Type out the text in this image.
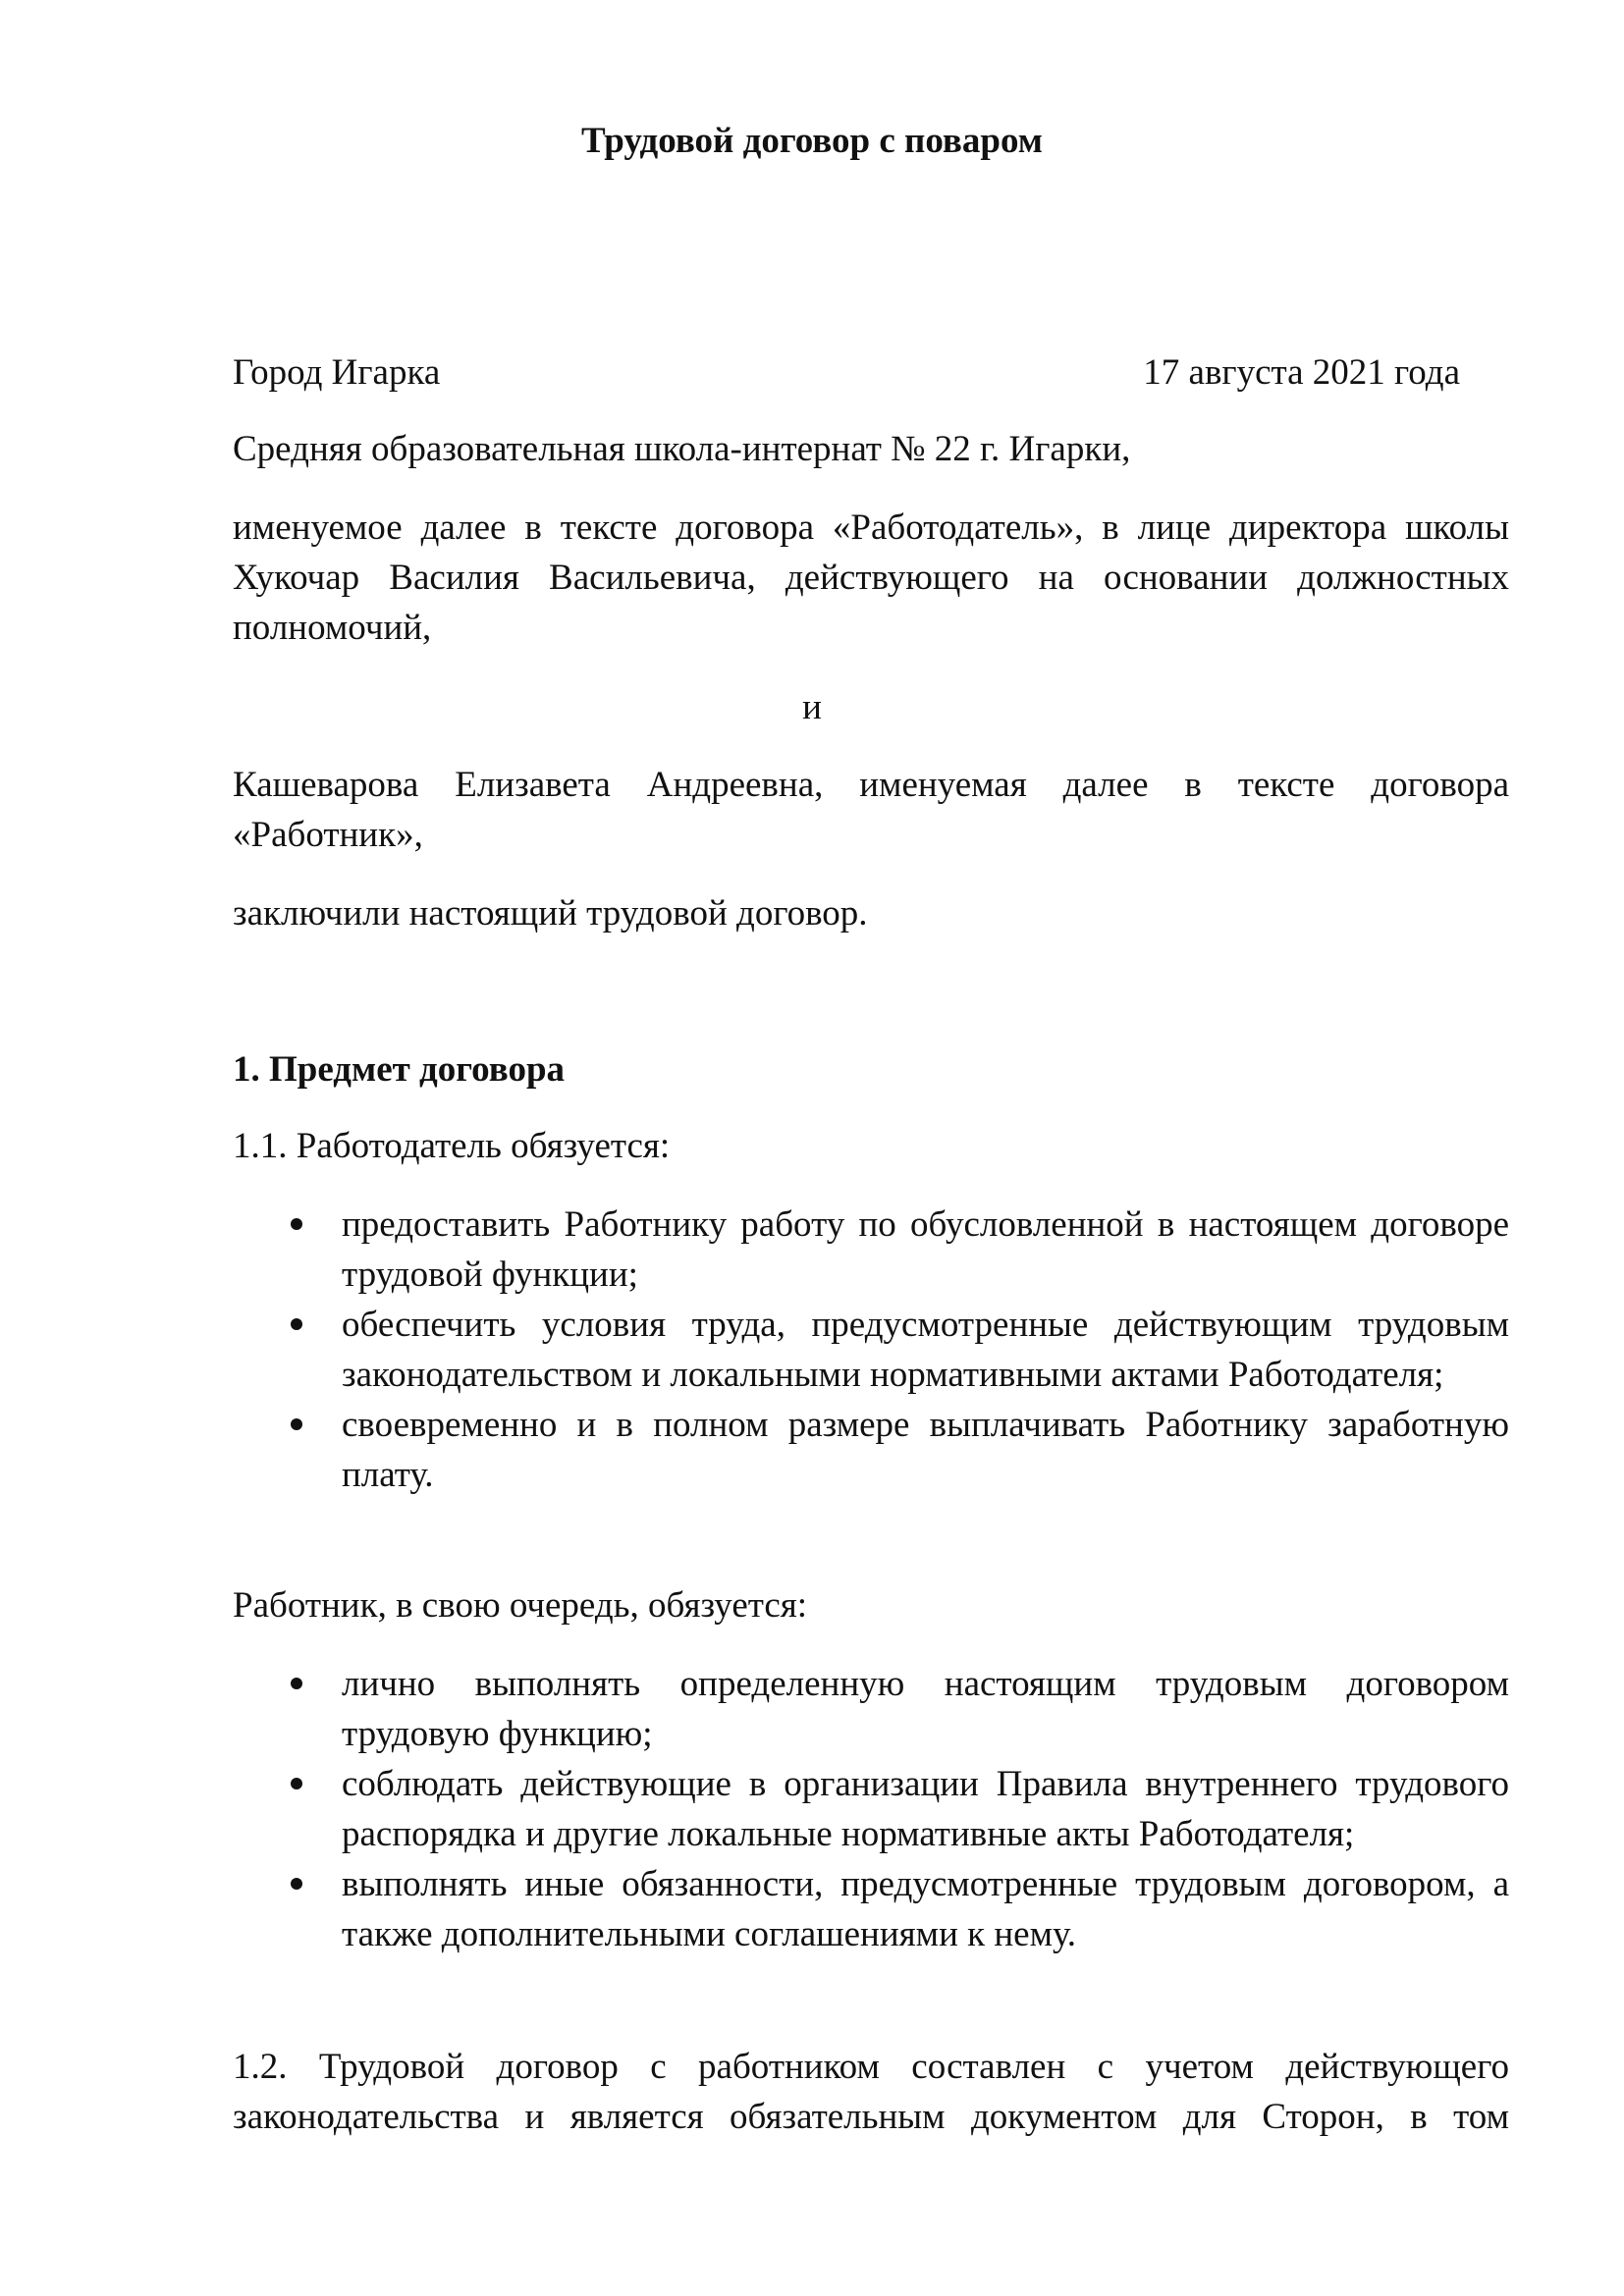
Трудовой договор с поваром
Город Игарка	17 августа 2021 года

Средняя образовательная школа-интернат № 22 г. Игарки,

именуемое далее в тексте договора «Работодатель», в лице директора школы Хукочар Василия Васильевича, действующего на основании должностных полномочий,

и

Кашеварова Елизавета Андреевна, именуемая далее в тексте договора «Работник»,

заключили настоящий трудовой договор.

1. Предмет договора

1.1. Работодатель обязуется:

предоставить Работнику работу по обусловленной в настоящем договоре трудовой функции;
обеспечить условия труда, предусмотренные действующим трудовым законодательством и локальными нормативными актами Работодателя;
своевременно и в полном размере выплачивать Работнику заработную плату.

Работник, в свою очередь, обязуется:

лично выполнять определенную настоящим трудовым договором трудовую функцию;
соблюдать действующие в организации Правила внутреннего трудового распорядка и другие локальные нормативные акты Работодателя;
выполнять иные обязанности, предусмотренные трудовым договором, а также дополнительными соглашениями к нему.

1.2. Трудовой договор с работником составлен с учетом действующего законодательства и является обязательным документом для Сторон, в том
